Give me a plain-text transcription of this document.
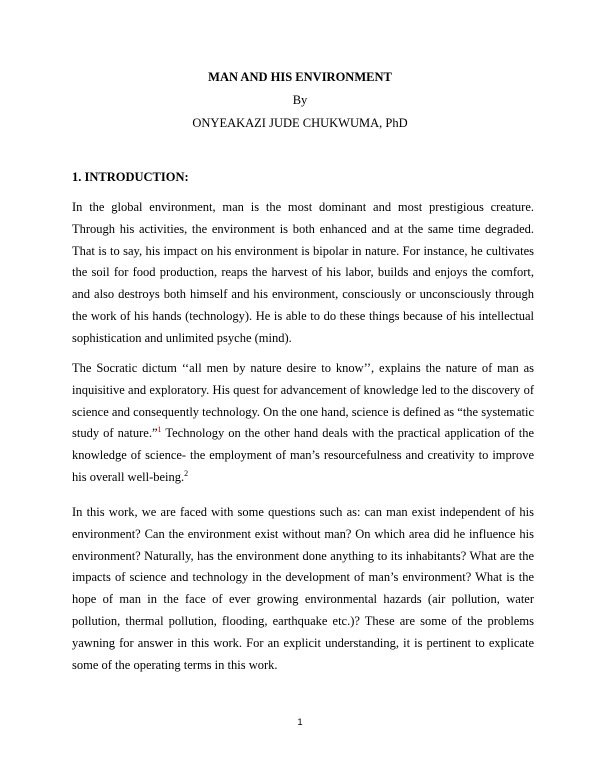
MAN AND HIS ENVIRONMENT
By
ONYEAKAZI JUDE CHUKWUMA, PhD
1. INTRODUCTION:

In the global environment, man is the most dominant and most prestigious creature. Through his activities, the environment is both enhanced and at the same time degraded. That is to say, his impact on his environment is bipolar in nature. For instance, he cultivates the soil for food production, reaps the harvest of his labor, builds and enjoys the comfort, and also destroys both himself and his environment, consciously or unconsciously through the work of his hands (technology). He is able to do these things because of his intellectual sophistication and unlimited psyche (mind).

The Socratic dictum ‘‘all men by nature desire to know’’, explains the nature of man as inquisitive and exploratory. His quest for advancement of knowledge led to the discovery of science and consequently technology. On the one hand, science is defined as “the systematic study of nature.”$^1$ Technology on the other hand deals with the practical application of the knowledge of science- the employment of man’s resourcefulness and creativity to improve his overall well-being.$^2$

In this work, we are faced with some questions such as: can man exist independent of his environment? Can the environment exist without man? On which area did he influence his environment? Naturally, has the environment done anything to its inhabitants? What are the impacts of science and technology in the development of man’s environment? What is the hope of man in the face of ever growing environmental hazards (air pollution, water pollution, thermal pollution, flooding, earthquake etc.)? These are some of the problems yawning for answer in this work. For an explicit understanding, it is pertinent to explicate some of the operating terms in this work.

1
